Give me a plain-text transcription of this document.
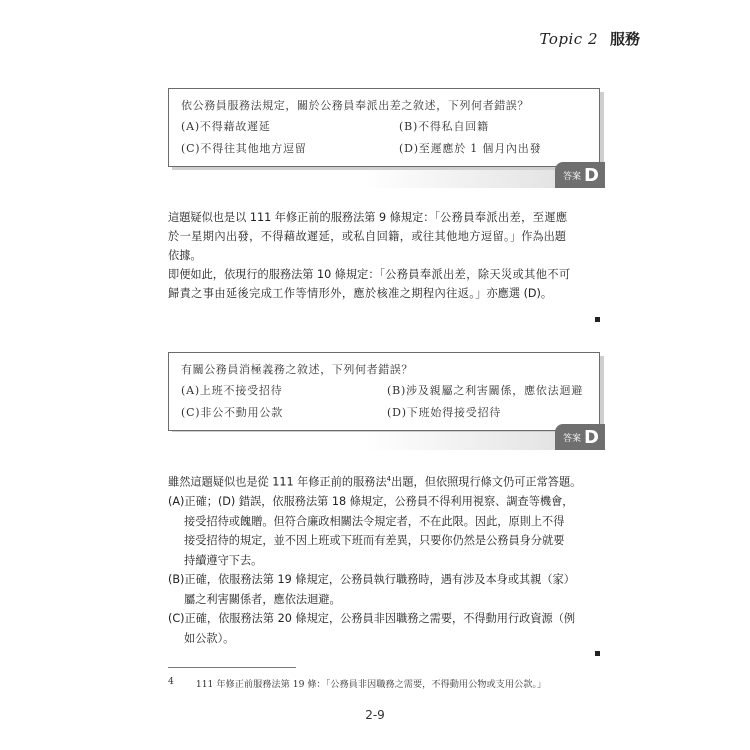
Topic 2 服務
依公務員服務法規定，關於公務員奉派出差之敘述，下列何者錯誤？
(A)不得藉故遲延	(B)不得私自回籍
(C)不得往其他地方逗留	(D)至遲應於 1 個月內出發
答案 D
這題疑似也是以 111 年修正前的服務法第 9 條規定：「公務員奉派出差，至遲應
於一星期內出發，不得藉故遲延，或私自回籍，或往其他地方逗留。」作為出題
依據。
即便如此，依現行的服務法第 10 條規定：「公務員奉派出差，除天災或其他不可
歸責之事由延後完成工作等情形外，應於核准之期程內往返。」亦應選 (D)。
有關公務員消極義務之敘述，下列何者錯誤？
(A)上班不接受招待	(B)涉及親屬之利害關係，應依法迴避
(C)非公不動用公款	(D)下班始得接受招待
答案 D
雖然這題疑似也是從 111 年修正前的服務法$^4$出題，但依照現行條文仍可正常答題。
(A)正確；(D) 錯誤，依服務法第 18 條規定，公務員不得利用視察、調查等機會，
接受招待或餽贈。但符合廉政相關法令規定者，不在此限。因此，原則上不得
接受招待的規定，並不因上班或下班而有差異，只要你仍然是公務員身分就要
持續遵守下去。
(B)正確，依服務法第 19 條規定，公務員執行職務時，遇有涉及本身或其親（家）
屬之利害關係者，應依法迴避。
(C)正確，依服務法第 20 條規定，公務員非因職務之需要，不得動用行政資源（例
如公款）。
4 111 年修正前服務法第 19 條：「公務員非因職務之需要，不得動用公物或支用公款。」
2-9
